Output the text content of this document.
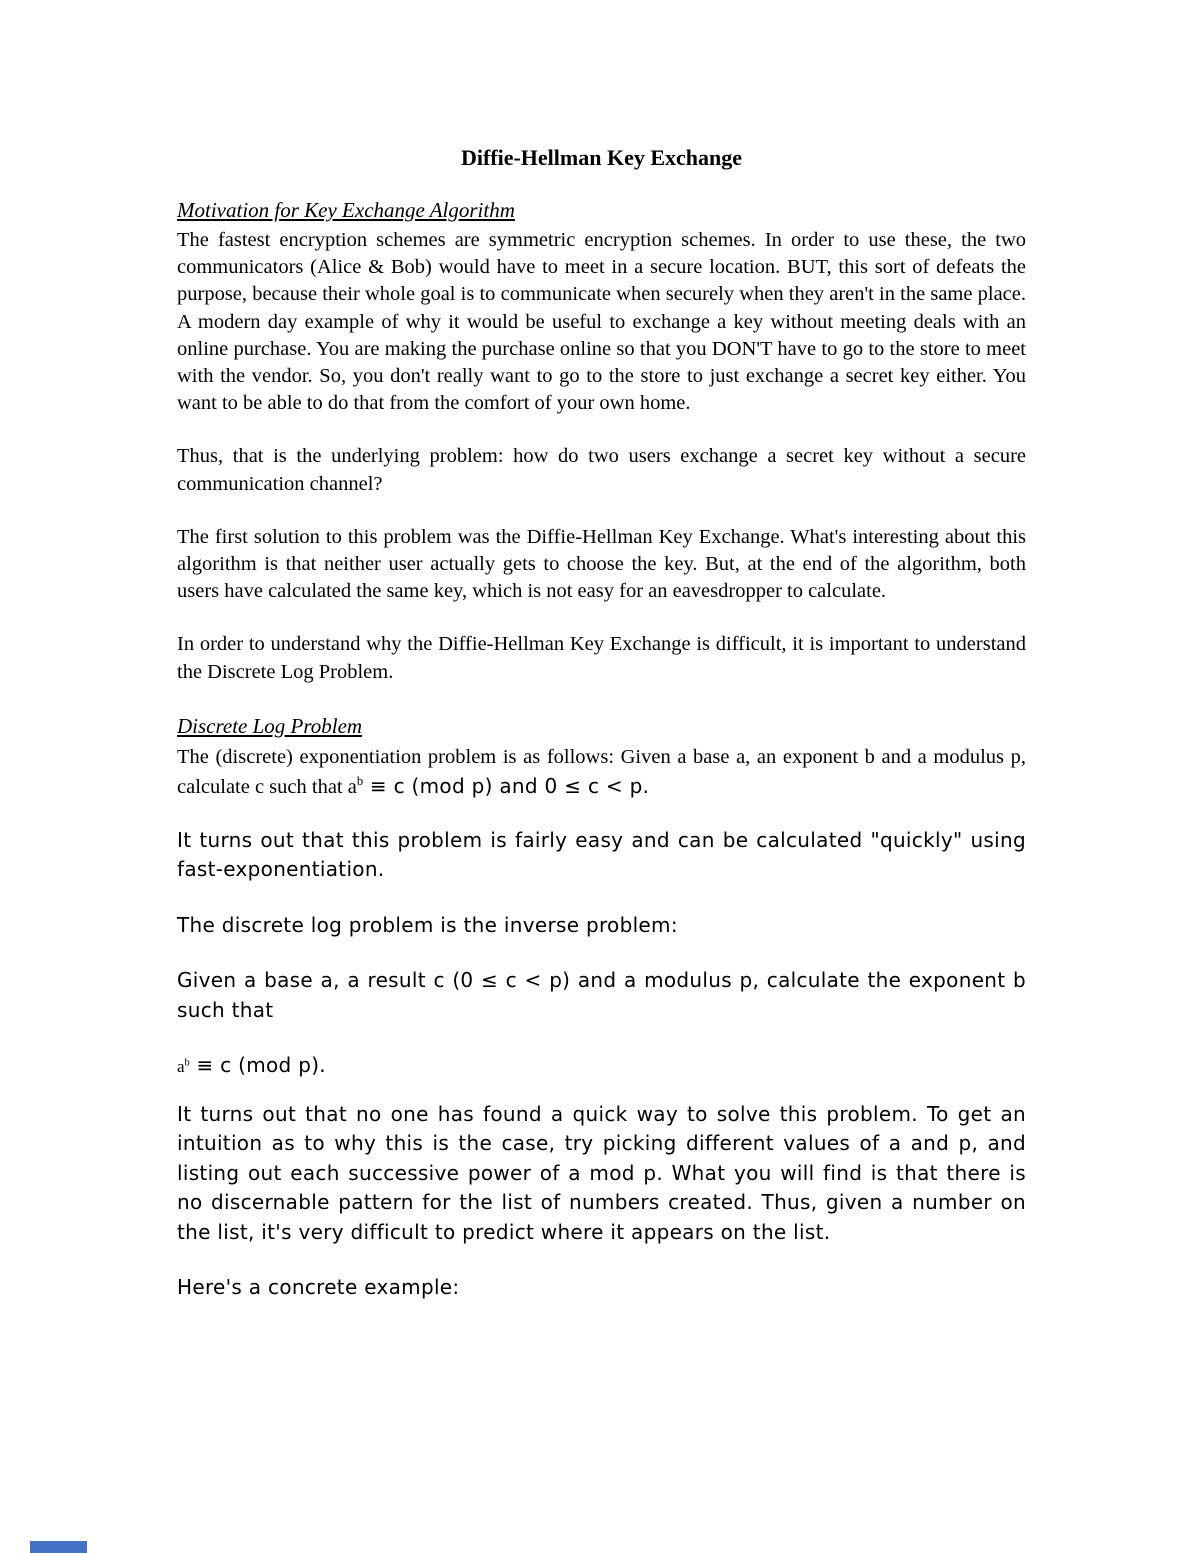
Diffie-Hellman Key Exchange
Motivation for Key Exchange Algorithm

The fastest encryption schemes are symmetric encryption schemes. In order to use these, the two communicators (Alice & Bob) would have to meet in a secure location. BUT, this sort of defeats the purpose, because their whole goal is to communicate when securely when they aren't in the same place. A modern day example of why it would be useful to exchange a key without meeting deals with an online purchase. You are making the purchase online so that you DON'T have to go to the store to meet with the vendor. So, you don't really want to go to the store to just exchange a secret key either. You want to be able to do that from the comfort of your own home.

Thus, that is the underlying problem: how do two users exchange a secret key without a secure communication channel?

The first solution to this problem was the Diffie-Hellman Key Exchange. What's interesting about this algorithm is that neither user actually gets to choose the key. But, at the end of the algorithm, both users have calculated the same key, which is not easy for an eavesdropper to calculate.

In order to understand why the Diffie-Hellman Key Exchange is difficult, it is important to understand the Discrete Log Problem.

Discrete Log Problem

The (discrete) exponentiation problem is as follows: Given a base a, an exponent b and a modulus p, calculate c such that $a^b \equiv c$ (mod p) and 0 ≤ c < p.

It turns out that this problem is fairly easy and can be calculated "quickly" using fast-exponentiation.

The discrete log problem is the inverse problem:

Given a base a, a result c (0 ≤ c < p) and a modulus p, calculate the exponent b such that

$a^b \equiv c$ (mod p).

It turns out that no one has found a quick way to solve this problem. To get an intuition as to why this is the case, try picking different values of a and p, and listing out each successive power of a mod p. What you will find is that there is no discernable pattern for the list of numbers created. Thus, given a number on the list, it's very difficult to predict where it appears on the list.

Here's a concrete example:
